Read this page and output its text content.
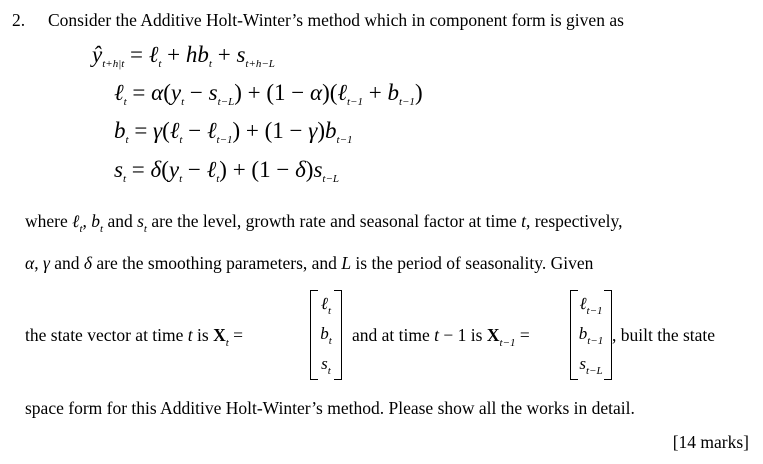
2. Consider the Additive Holt-Winter’s method which in component form is given as
$ŷ_{t+h|t}$ = ℓ$_t$ + $hb_t + s_{t+h-L}$
ℓ$_t$ = $\alpha(y_t - s_{t-L}) + (1$ − α)(ℓ$_{t-1}$ + $b_{t-1}$)
$b_t$ = γ(ℓ$_t$ − ℓ$_{t-1}$) + $(1 - \gamma)b_{t-1}$
$s_t = \delta(y_t$ − ℓ$_t$) + $(1 - \delta)s_{t-L}$
where ℓ$_t$, $b_t$ and $s_t$ are the level, growth rate and seasonal factor at time t, respectively,
α, γ and δ are the smoothing parameters, and L is the period of seasonality. Given
the state vector at time t is $X_t$ =
ℓ$_t$
$b_t$
$s_t$
and at time t − 1 is $X_{t-1}$ =
ℓ$_{t-1}$
$b_{t-1}$
$s_{t-L}$
, built the state
space form for this Additive Holt-Winter’s method. Please show all the works in detail.
[14 marks]
